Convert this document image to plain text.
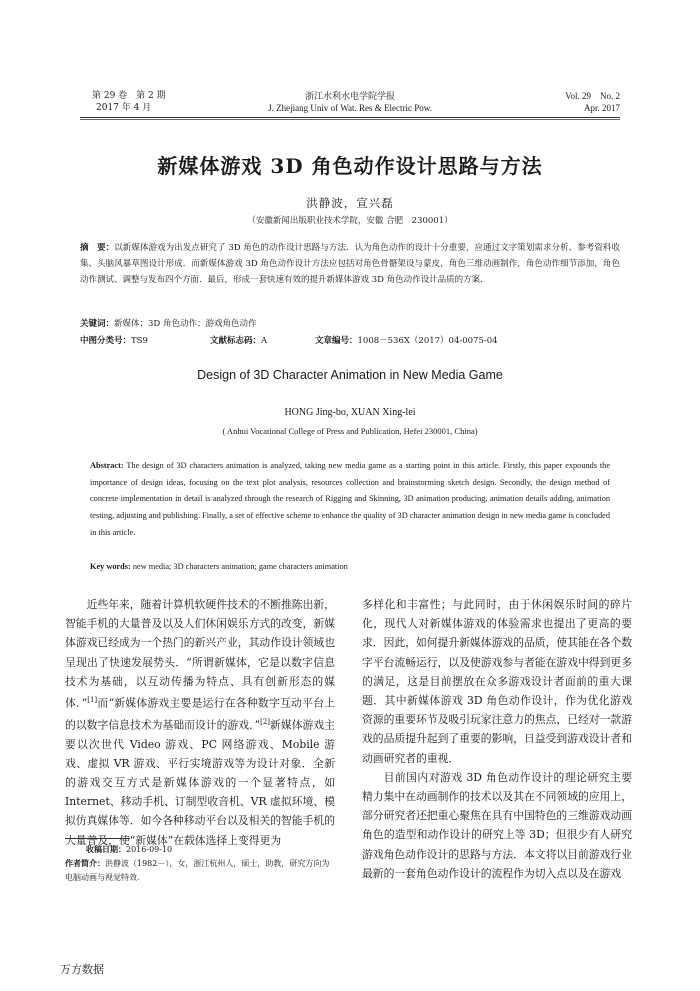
第 29 卷　第 2 期
2017 年 4 月
浙江水利水电学院学报
J. Zhejiang Univ of Wat. Res & Electric Pow.
Vol. 29　No. 2
Apr. 2017
新媒体游戏 3D 角色动作设计思路与方法
洪静波，宣兴磊
（安徽新闻出版职业技术学院，安徽 合肥　230001）
摘　要：以新媒体游戏为出发点研究了 3D 角色的动作设计思路与方法．认为角色动作的设计十分重要，应通过文字策划需求分析、参考资料收集、头脑风暴草图设计形成．而新媒体游戏 3D 角色动作设计方法应包括对角色骨骼架设与蒙皮，角色三维动画制作，角色动作细节添加，角色动作测试、调整与发布四个方面．最后，形成一套快速有效的提升新媒体游戏 3D 角色动作设计品质的方案．
关键词：新媒体；3D 角色动作；游戏角色动作
中图分类号：TS9	文献标志码：A	文章编号：1008－536X（2017）04-0075-04
Design of 3D Character Animation in New Media Game
HONG Jing-bo, XUAN Xing-lei
( Anhui Vocational College of Press and Publication, Hefei 230001, China)
Abstract: The design of 3D characters animation is analyzed, taking new media game as a starting point in this article. Firstly, this paper expounds the importance of design ideas, focusing on the text plot analysis, resources collection and brainstorming sketch design. Secondly, the design method of concrete implementation in detail is analyzed through the research of Rigging and Skinning, 3D animation producing, animation details adding, animation testing, adjusting and publishing. Finally, a set of effective scheme to enhance the quality of 3D character animation design in new media game is concluded in this article.
Key words: new media; 3D characters animation; game characters animation

近些年来，随着计算机软硬件技术的不断推陈出新，智能手机的大量普及以及人们休闲娱乐方式的改变，新媒体游戏已经成为一个热门的新兴产业，其动作设计领域也呈现出了快速发展势头．“所谓新媒体，它是以数字信息技术为基础，以互动传播为特点、具有创新形态的媒体．”[1]而“新媒体游戏主要是运行在各种数字互动平台上的以数字信息技术为基础而设计的游戏．”[2]新媒体游戏主要以次世代 Video 游戏、PC 网络游戏、Mobile 游戏、虚拟 VR 游戏、平行实境游戏等为设计对象．全新的游戏交互方式是新媒体游戏的一个显著特点，如 Internet、移动手机、订制型收音机、VR 虚拟环境、模拟仿真媒体等．如今各种移动平台以及相关的智能手机的大量普及，使“新媒体”在载体选择上变得更为

多样化和丰富性；与此同时，由于休闲娱乐时间的碎片化，现代人对新媒体游戏的体验需求也提出了更高的要求．因此，如何提升新媒体游戏的品质，使其能在各个数字平台流畅运行，以及使游戏参与者能在游戏中得到更多的满足，这是目前摆放在众多游戏设计者面前的重大课题．其中新媒体游戏 3D 角色动作设计，作为优化游戏资源的重要环节及吸引玩家注意力的焦点，已经对一款游戏的品质提升起到了重要的影响，日益受到游戏设计者和动画研究者的重视．

目前国内对游戏 3D 角色动作设计的理论研究主要精力集中在动画制作的技术以及其在不同领域的应用上，部分研究者还把重心聚焦在具有中国特色的三维游戏动画角色的造型和动作设计的研究上等 3D；但很少有人研究游戏角色动作设计的思路与方法．本文将以目前游戏行业最新的一套角色动作设计的流程作为切入点以及在游戏

收稿日期：2016-09-10

作者简介：洪静波（1982－），女，浙江杭州人，硕士，助教，研究方向为电脑动画与视觉特效．

万方数据
